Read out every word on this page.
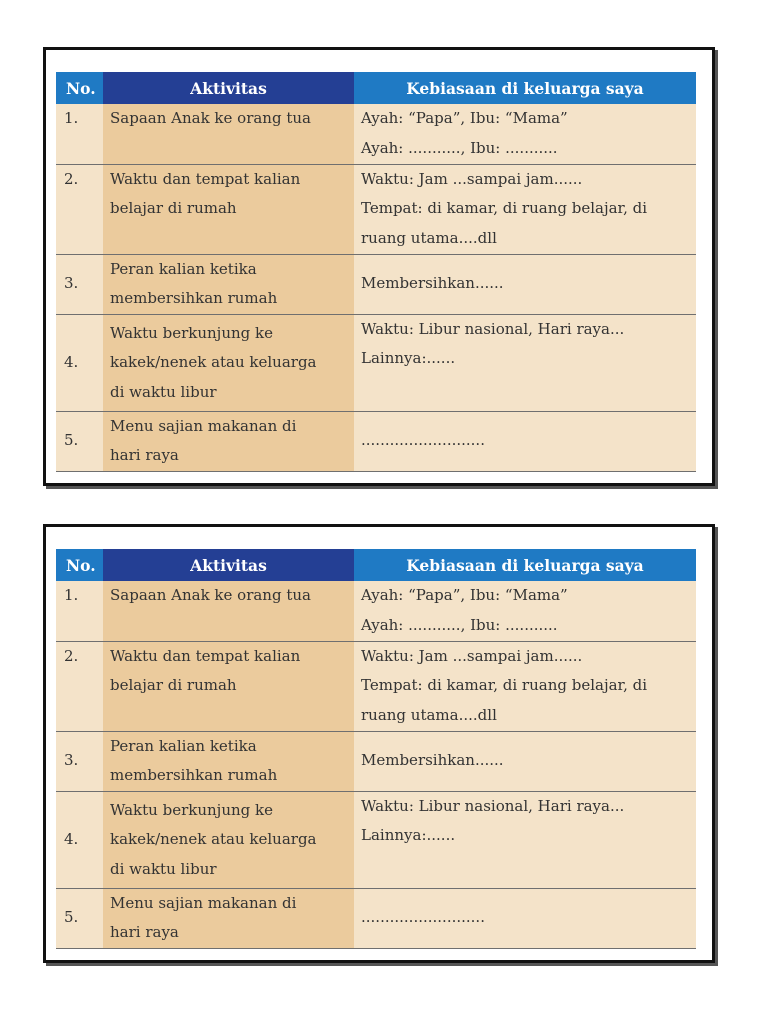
No.	Aktivitas	Kebiasaan di keluarga saya

1.	Sapaan Anak ke orang tua	Ayah: “Papa”, Ibu: “Mama”
Ayah: ..........., Ibu: ...........

2.	Waktu dan tempat kalian
belajar di rumah	Waktu: Jam ...sampai jam......
Tempat: di kamar, di ruang belajar, di
ruang utama....dll

3.	Peran kalian ketika
membersihkan rumah	Membersihkan......

4.	Waktu berkunjung ke
kakek/nenek atau keluarga
di waktu libur	Waktu: Libur nasional, Hari raya...
Lainnya:......

5.	Menu sajian makanan di
hari raya	..........................
No.	Aktivitas	Kebiasaan di keluarga saya

1.	Sapaan Anak ke orang tua	Ayah: “Papa”, Ibu: “Mama”
Ayah: ..........., Ibu: ...........

2.	Waktu dan tempat kalian
belajar di rumah	Waktu: Jam ...sampai jam......
Tempat: di kamar, di ruang belajar, di
ruang utama....dll

3.	Peran kalian ketika
membersihkan rumah	Membersihkan......

4.	Waktu berkunjung ke
kakek/nenek atau keluarga
di waktu libur	Waktu: Libur nasional, Hari raya...
Lainnya:......

5.	Menu sajian makanan di
hari raya	..........................
